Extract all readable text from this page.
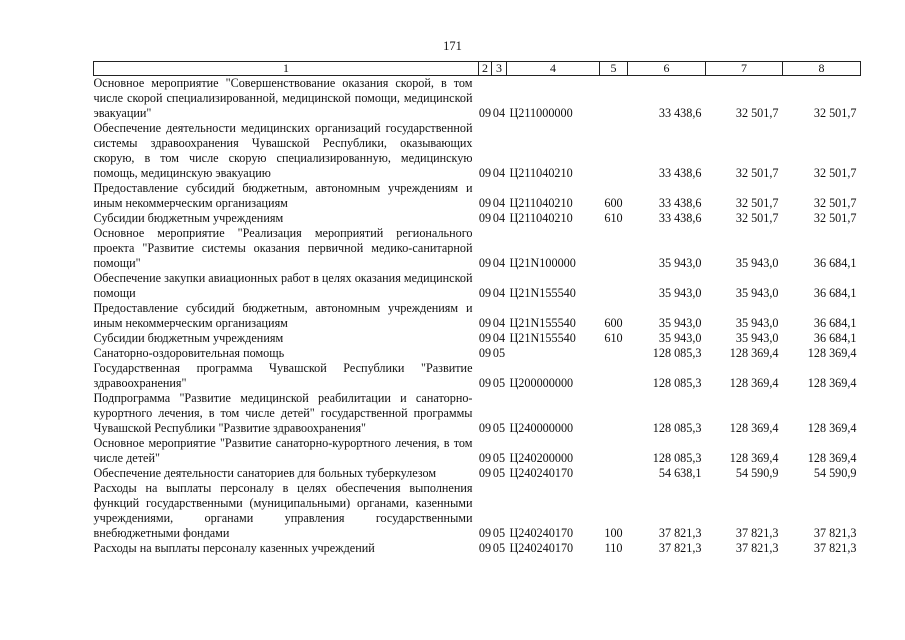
171
1	2	3	4	5	6	7	8
Основное мероприятие "Совершенствование оказания скорой, в том числе скорой специализированной, медицинской помощи, медицинской эвакуации"	09	04	Ц211000000		33 438,6	32 501,7	32 501,7
Обеспечение деятельности медицинских организаций государственной системы здравоохранения Чувашской Республики, оказывающих скорую, в том числе скорую специализированную, медицинскую помощь, медицинскую эвакуацию	09	04	Ц211040210		33 438,6	32 501,7	32 501,7
Предоставление субсидий бюджетным, автономным учреждениям и иным некоммерческим организациям	09	04	Ц211040210	600	33 438,6	32 501,7	32 501,7
Субсидии бюджетным учреждениям	09	04	Ц211040210	610	33 438,6	32 501,7	32 501,7
Основное мероприятие "Реализация мероприятий регионального проекта "Развитие системы оказания первичной медико-санитарной помощи"	09	04	Ц21N100000		35 943,0	35 943,0	36 684,1
Обеспечение закупки авиационных работ в целях оказания медицинской помощи	09	04	Ц21N155540		35 943,0	35 943,0	36 684,1
Предоставление субсидий бюджетным, автономным учреждениям и иным некоммерческим организациям	09	04	Ц21N155540	600	35 943,0	35 943,0	36 684,1
Субсидии бюджетным учреждениям	09	04	Ц21N155540	610	35 943,0	35 943,0	36 684,1
Санаторно-оздоровительная помощь	09	05			128 085,3	128 369,4	128 369,4
Государственная программа Чувашской Республики "Развитие здравоохранения"	09	05	Ц200000000		128 085,3	128 369,4	128 369,4
Подпрограмма "Развитие медицинской реабилитации и санаторно-курортного лечения, в том числе детей" государственной программы Чувашской Республики "Развитие здравоохранения"	09	05	Ц240000000		128 085,3	128 369,4	128 369,4
Основное мероприятие "Развитие санаторно-курортного лечения, в том числе детей"	09	05	Ц240200000		128 085,3	128 369,4	128 369,4
Обеспечение деятельности санаториев для больных туберкулезом	09	05	Ц240240170		54 638,1	54 590,9	54 590,9
Расходы на выплаты персоналу в целях обеспечения выполнения функций государственными (муниципальными) органами, казенными учреждениями, органами управления государственными внебюджетными фондами	09	05	Ц240240170	100	37 821,3	37 821,3	37 821,3
Расходы на выплаты персоналу казенных учреждений	09	05	Ц240240170	110	37 821,3	37 821,3	37 821,3
